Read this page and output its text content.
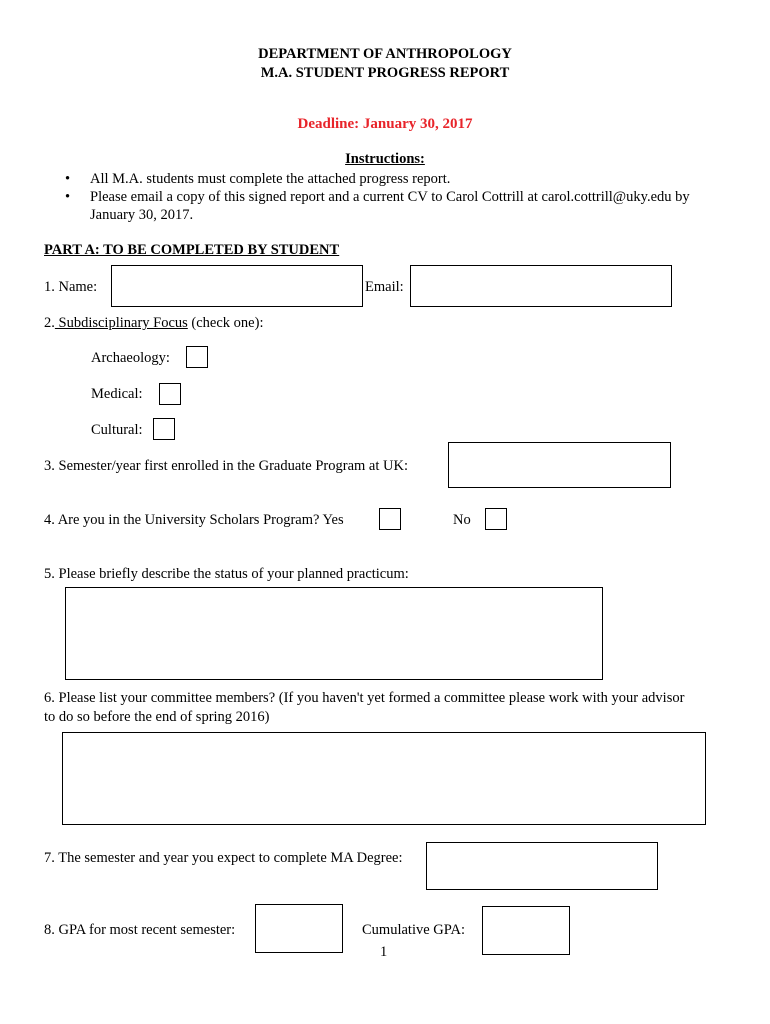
DEPARTMENT OF ANTHROPOLOGY
M.A. STUDENT PROGRESS REPORT
Deadline: January 30, 2017
Instructions:
• All M.A. students must complete the attached progress report.
• Please email a copy of this signed report and a current CV to Carol Cottrill at carol.cottrill@uky.edu by January 30, 2017.
PART A: TO BE COMPLETED BY STUDENT
1. Name:	Email:
2. Subdisciplinary Focus (check one):
Archaeology:
Medical:
Cultural:
3. Semester/year first enrolled in the Graduate Program at UK:
4. Are you in the University Scholars Program? Yes	No
5. Please briefly describe the status of your planned practicum:
6. Please list your committee members? (If you haven't yet formed a committee please work with your advisor
to do so before the end of spring 2016)
7. The semester and year you expect to complete MA Degree:
8. GPA for most recent semester:	Cumulative GPA:
1
